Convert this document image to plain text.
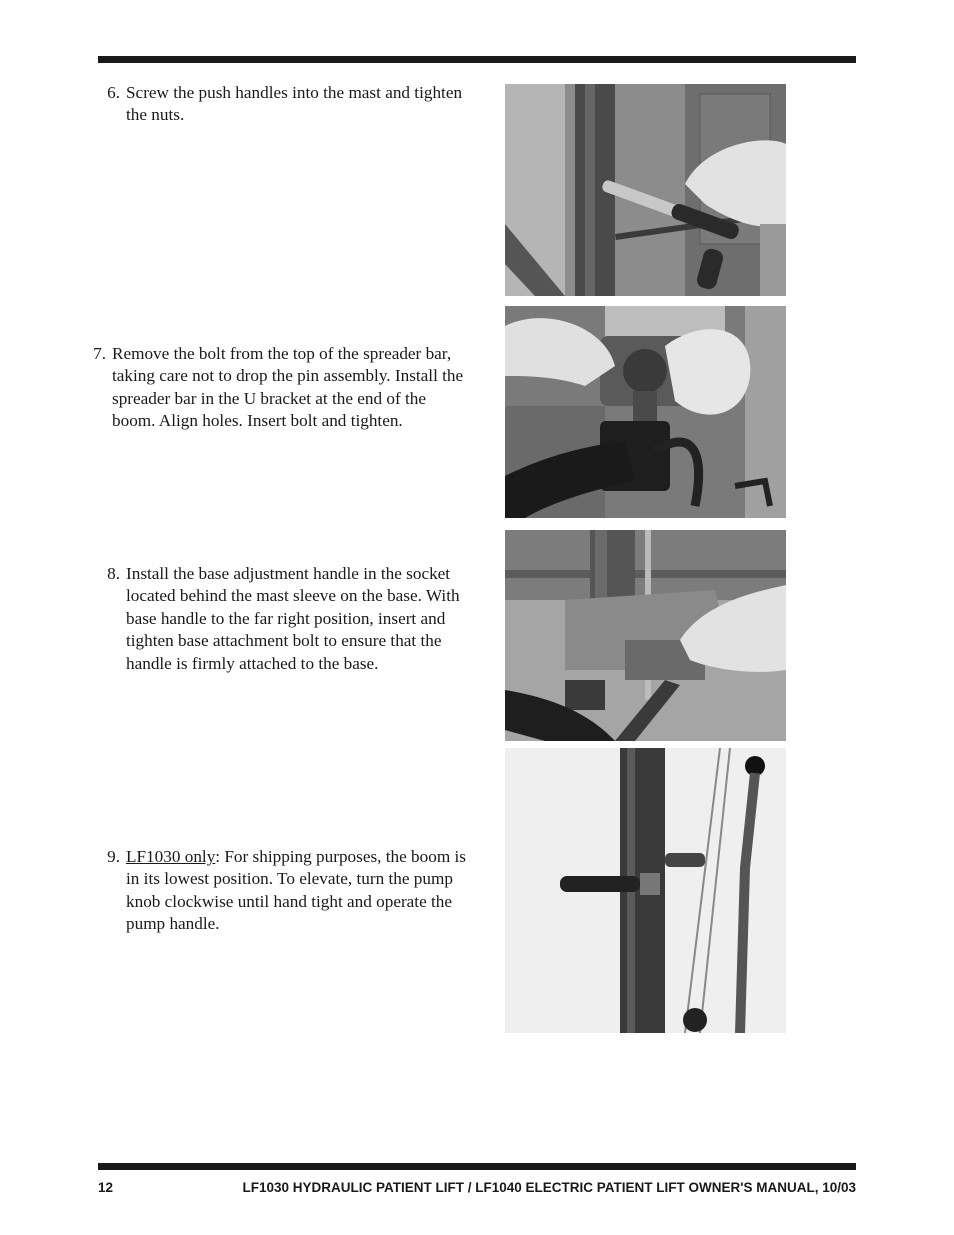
6. Screw the push handles into the mast and tighten the nuts.
7. Remove the bolt from the top of the spreader bar, taking care not to drop the pin assembly. Install the spreader bar in the U bracket at the end of the boom. Align holes. Insert bolt and tighten.
8. Install the base adjustment handle in the socket located behind the mast sleeve on the base. With base handle to the far right position, insert and tighten base attachment bolt to ensure that the handle is firmly attached to the base.
9. LF1030 only: For shipping purposes, the boom is in its lowest position. To elevate, turn the pump knob clockwise until hand tight and operate the pump handle.
12	LF1030 HYDRAULIC PATIENT LIFT / LF1040 ELECTRIC PATIENT LIFT OWNER'S MANUAL, 10/03
